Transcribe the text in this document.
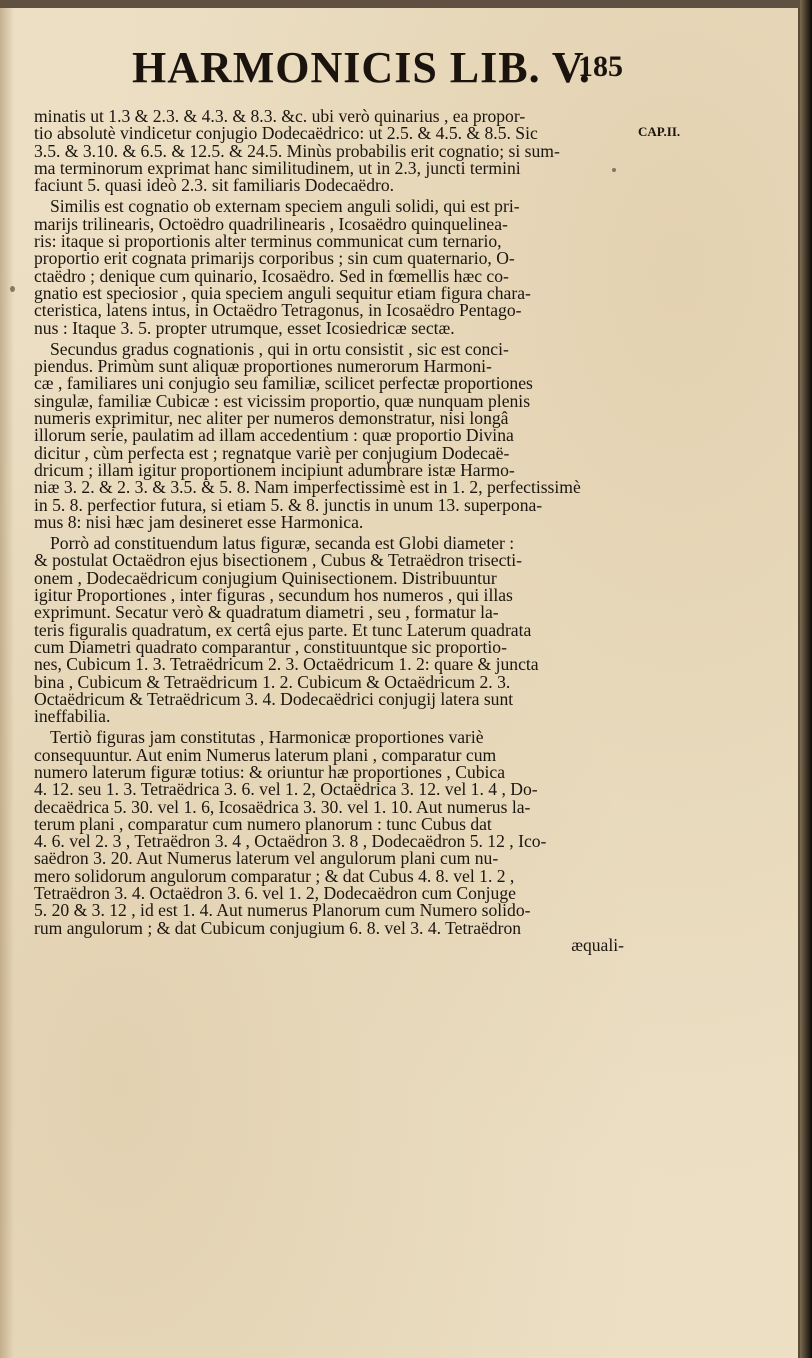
HARMONICIS LIB. V.
185
CAP.II.
minatis ut 1.3 & 2.3. & 4.3. & 8.3. &c. ubi verò quinarius , ea propor-
tio absolutè vindicetur conjugio Dodecaëdrico: ut 2.5. & 4.5. & 8.5. Sic
3.5. & 3.10. & 6.5. & 12.5. & 24.5. Minùs probabilis erit cognatio; si sum-
ma terminorum exprimat hanc similitudinem, ut in 2.3, juncti termini
faciunt 5. quasi ideò 2.3. sit familiaris Dodecaëdro.
Similis est cognatio ob externam speciem anguli solidi, qui est pri-
marijs trilinearis, Octoëdro quadrilinearis , Icosaëdro quinquelinea-
ris: itaque si proportionis alter terminus communicat cum ternario,
proportio erit cognata primarijs corporibus ; sin cum quaternario, O-
ctaëdro ; denique cum quinario, Icosaëdro. Sed in fœmellis hæc co-
gnatio est speciosior , quia speciem anguli sequitur etiam figura chara-
cteristica, latens intus, in Octaëdro Tetragonus, in Icosaëdro Pentago-
nus : Itaque 3. 5. propter utrumque, esset Icosiedricæ sectæ.
Secundus gradus cognationis , qui in ortu consistit , sic est conci-
piendus. Primùm sunt aliquæ proportiones numerorum Harmoni-
cæ , familiares uni conjugio seu familiæ, scilicet perfectæ proportiones
singulæ, familiæ Cubicæ : est vicissim proportio, quæ nunquam plenis
numeris exprimitur, nec aliter per numeros demonstratur, nisi longâ
illorum serie, paulatim ad illam accedentium : quæ proportio Divina
dicitur , cùm perfecta est ; regnatque variè per conjugium Dodecaë-
dricum ; illam igitur proportionem incipiunt adumbrare istæ Harmo-
niæ 3. 2. & 2. 3. & 3.5. & 5. 8. Nam imperfectissimè est in 1. 2, perfectissimè
in 5. 8. perfectior futura, si etiam 5. & 8. junctis in unum 13. superpona-
mus 8: nisi hæc jam desineret esse Harmonica.
Porrò ad constituendum latus figuræ, secanda est Globi diameter :
& postulat Octaëdron ejus bisectionem , Cubus & Tetraëdron trisecti-
onem , Dodecaëdricum conjugium Quinisectionem. Distribuuntur
igitur Proportiones , inter figuras , secundum hos numeros , qui illas
exprimunt. Secatur verò & quadratum diametri , seu , formatur la-
teris figuralis quadratum, ex certâ ejus parte. Et tunc Laterum quadrata
cum Diametri quadrato comparantur , constituuntque sic proportio-
nes, Cubicum 1. 3. Tetraëdricum 2. 3. Octaëdricum 1. 2: quare & juncta
bina , Cubicum & Tetraëdricum 1. 2. Cubicum & Octaëdricum 2. 3.
Octaëdricum & Tetraëdricum 3. 4. Dodecaëdrici conjugij latera sunt
ineffabilia.
Tertiò figuras jam constitutas , Harmonicæ proportiones variè
consequuntur. Aut enim Numerus laterum plani , comparatur cum
numero laterum figuræ totius: & oriuntur hæ proportiones , Cubica
4. 12. seu 1. 3. Tetraëdrica 3. 6. vel 1. 2, Octaëdrica 3. 12. vel 1. 4 , Do-
decaëdrica 5. 30. vel 1. 6, Icosaëdrica 3. 30. vel 1. 10. Aut numerus la-
terum plani , comparatur cum numero planorum : tunc Cubus dat
4. 6. vel 2. 3 , Tetraëdron 3. 4 , Octaëdron 3. 8 , Dodecaëdron 5. 12 , Ico-
saëdron 3. 20. Aut Numerus laterum vel angulorum plani cum nu-
mero solidorum angulorum comparatur ; & dat Cubus 4. 8. vel 1. 2 ,
Tetraëdron 3. 4. Octaëdron 3. 6. vel 1. 2, Dodecaëdron cum Conjuge
5. 20 & 3. 12 , id est 1. 4. Aut numerus Planorum cum Numero solido-
rum angulorum ; & dat Cubicum conjugium 6. 8. vel 3. 4. Tetraëdron
æquali-
